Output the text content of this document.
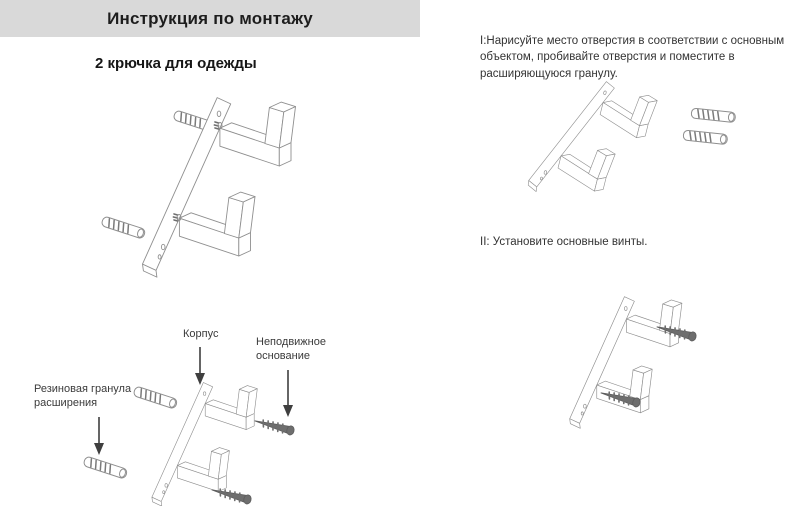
Инструкция по монтажу
2 крючка для одежды
I:Нарисуйте место отверстия в соответствии с основным объектом, пробивайте отверстия и поместите в расширяющуюся гранулу.
II: Установите основные винты.
Корпус
Неподвижное основание
Резиновая гранула расширения
